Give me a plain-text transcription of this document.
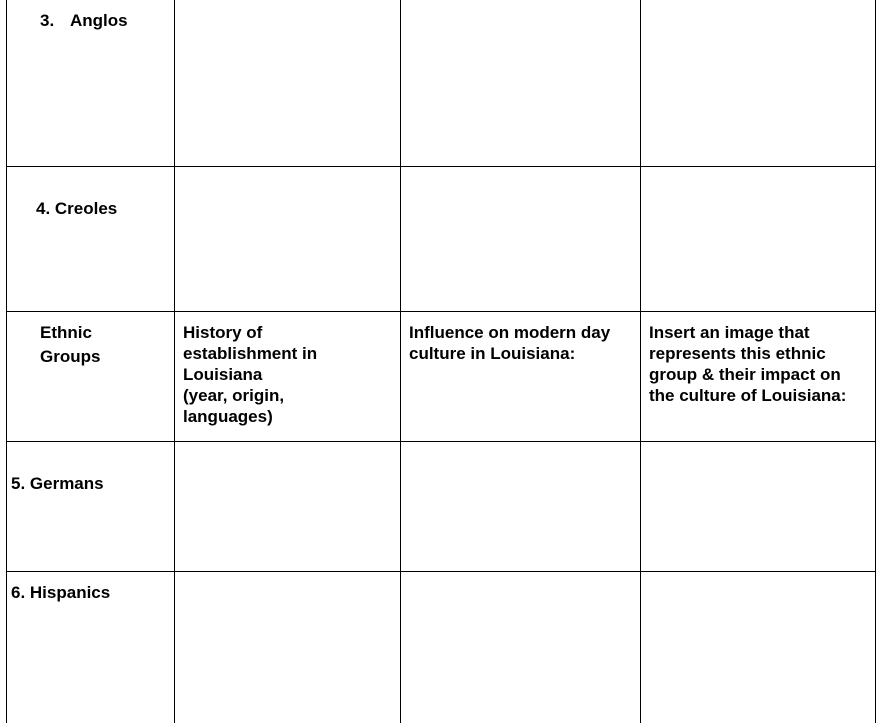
3. Anglos
4. Creoles
Ethnic
Groups
History of
establishment in
Louisiana
(year, origin,
languages)
Influence on modern day
culture in Louisiana:
Insert an image that
represents this ethnic
group & their impact on
the culture of Louisiana:
5. Germans
6. Hispanics
